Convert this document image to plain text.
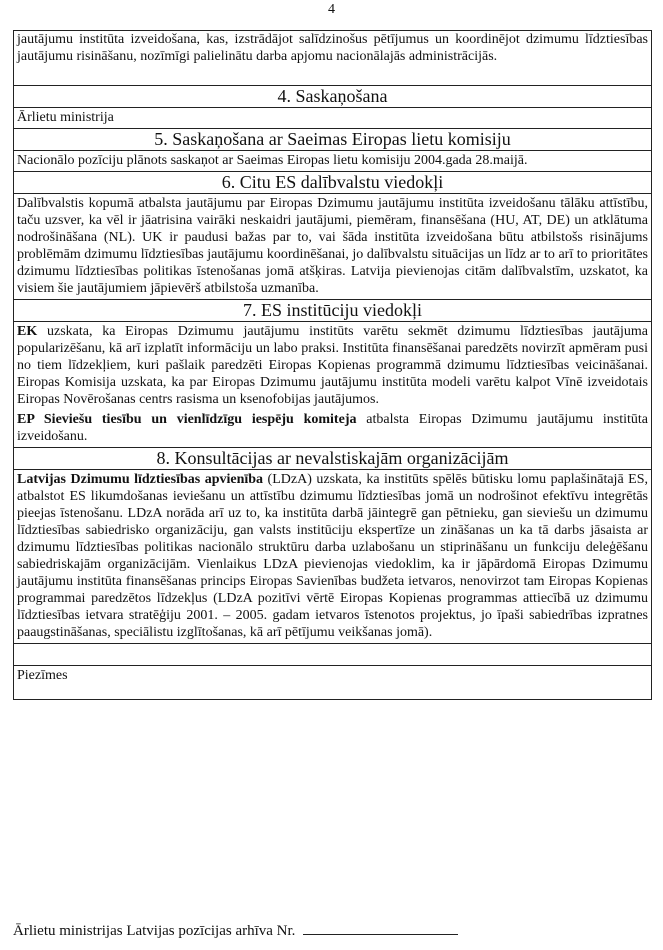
4
jautājumu institūta izveidošana, kas, izstrādājot salīdzinošus pētījumus un koordinējot dzimumu līdztiesības jautājumu risināšanu, nozīmīgi palielinātu darba apjomu nacionālajās administrācijās.
4. Saskaņošana
Ārlietu ministrija
5. Saskaņošana ar Saeimas Eiropas lietu komisiju
Nacionālo pozīciju plānots saskaņot ar Saeimas Eiropas lietu komisiju 2004.gada 28.maijā.
6. Citu ES dalībvalstu viedokļi
Dalībvalstis kopumā atbalsta jautājumu par Eiropas Dzimumu jautājumu institūta izveidošanu tālāku attīstību, taču uzsver, ka vēl ir jāatrisina vairāki neskaidri jautājumi, piemēram, finansēšana (HU, AT, DE) un atklātuma nodrošināšana (NL). UK ir paudusi bažas par to, vai šāda institūta izveidošana būtu atbilstošs risinājums problēmām dzimumu līdztiesības jautājumu koordinēšanai, jo dalībvalstu situācijas un līdz ar to arī to prioritātes dzimumu līdztiesības politikas īstenošanas jomā atšķiras. Latvija pievienojas citām dalībvalstīm, uzskatot, ka visiem šie jautājumiem jāpievērš atbilstoša uzmanība.
7. ES institūciju viedokļi
EK uzskata, ka Eiropas Dzimumu jautājumu institūts varētu sekmēt dzimumu līdztiesības jautājuma popularizēšanu, kā arī izplatīt informāciju un labo praksi. Institūta finansēšanai paredzēts novirzīt apmēram pusi no tiem līdzekļiem, kuri pašlaik paredzēti Eiropas Kopienas programmā dzimumu līdztiesības veicināšanai. Eiropas Komisija uzskata, ka par Eiropas Dzimumu jautājumu institūta modeli varētu kalpot Vīnē izveidotais Eiropas Novērošanas centrs rasisma un ksenofobijas jautājumos.
EP Sieviešu tiesību un vienlīdzīgu iespēju komiteja atbalsta Eiropas Dzimumu jautājumu institūta izveidošanu.
8. Konsultācijas ar nevalstiskajām organizācijām
Latvijas Dzimumu līdztiesības apvienība (LDzA) uzskata, ka institūts spēlēs būtisku lomu paplašinātajā ES, atbalstot ES likumdošanas ieviešanu un attīstību dzimumu līdztiesības jomā un nodrošinot efektīvu integrētās pieejas īstenošanu. LDzA norāda arī uz to, ka institūta darbā jāintegrē gan pētnieku, gan sieviešu un dzimumu līdztiesības sabiedrisko organizāciju, gan valsts institūciju ekspertīze un zināšanas un ka tā darbs jāsaista ar dzimumu līdztiesības politikas nacionālo struktūru darba uzlabošanu un stiprināšanu un funkciju deleģēšanu sabiedriskajām organizācijām. Vienlaikus LDzA pievienojas viedoklim, ka ir jāpārdomā Eiropas Dzimumu jautājumu institūta finansēšanas princips Eiropas Savienības budžeta ietvaros, nenovirzot tam Eiropas Kopienas programmai paredzētos līdzekļus (LDzA pozitīvi vērtē Eiropas Kopienas programmas attiecībā uz dzimumu līdztiesības ietvara stratēģiju 2001. – 2005. gadam ietvaros īstenotos projektus, jo īpaši sabiedrības izpratnes paaugstināšanas, speciālistu izglītošanas, kā arī pētījumu veikšanas jomā).
Piezīmes
Ārlietu ministrijas Latvijas pozīcijas arhīva Nr.
